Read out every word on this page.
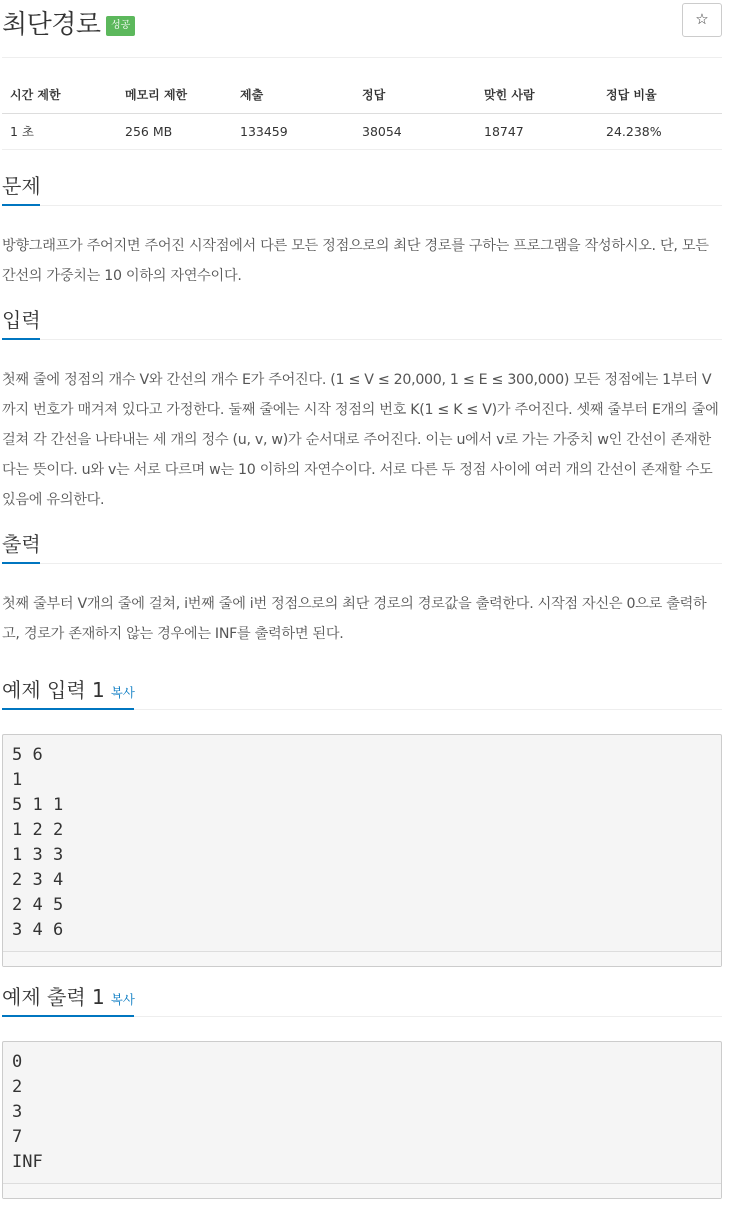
최단경로	성공	☆
시간 제한	메모리 제한	제출	정답	맞힌 사람	정답 비율
1 초	256 MB	133459	38054	18747	24.238%
문제
방향그래프가 주어지면 주어진 시작점에서 다른 모든 정점으로의 최단 경로를 구하는 프로그램을 작성하시오. 단, 모든 간선의 가중치는 10 이하의 자연수이다.
입력
첫째 줄에 정점의 개수 V와 간선의 개수 E가 주어진다. (1 ≤ V ≤ 20,000, 1 ≤ E ≤ 300,000) 모든 정점에는 1부터 V까지 번호가 매겨져 있다고 가정한다. 둘째 줄에는 시작 정점의 번호 K(1 ≤ K ≤ V)가 주어진다. 셋째 줄부터 E개의 줄에 걸쳐 각 간선을 나타내는 세 개의 정수 (u, v, w)가 순서대로 주어진다. 이는 u에서 v로 가는 가중치 w인 간선이 존재한다는 뜻이다. u와 v는 서로 다르며 w는 10 이하의 자연수이다. 서로 다른 두 정점 사이에 여러 개의 간선이 존재할 수도 있음에 유의한다.
출력
첫째 줄부터 V개의 줄에 걸쳐, i번째 줄에 i번 정점으로의 최단 경로의 경로값을 출력한다. 시작점 자신은 0으로 출력하고, 경로가 존재하지 않는 경우에는 INF를 출력하면 된다.
예제 입력 1 복사
5 6
1
5 1 1
1 2 2
1 3 3
2 3 4
2 4 5
3 4 6
예제 출력 1 복사
0
2
3
7
INF
